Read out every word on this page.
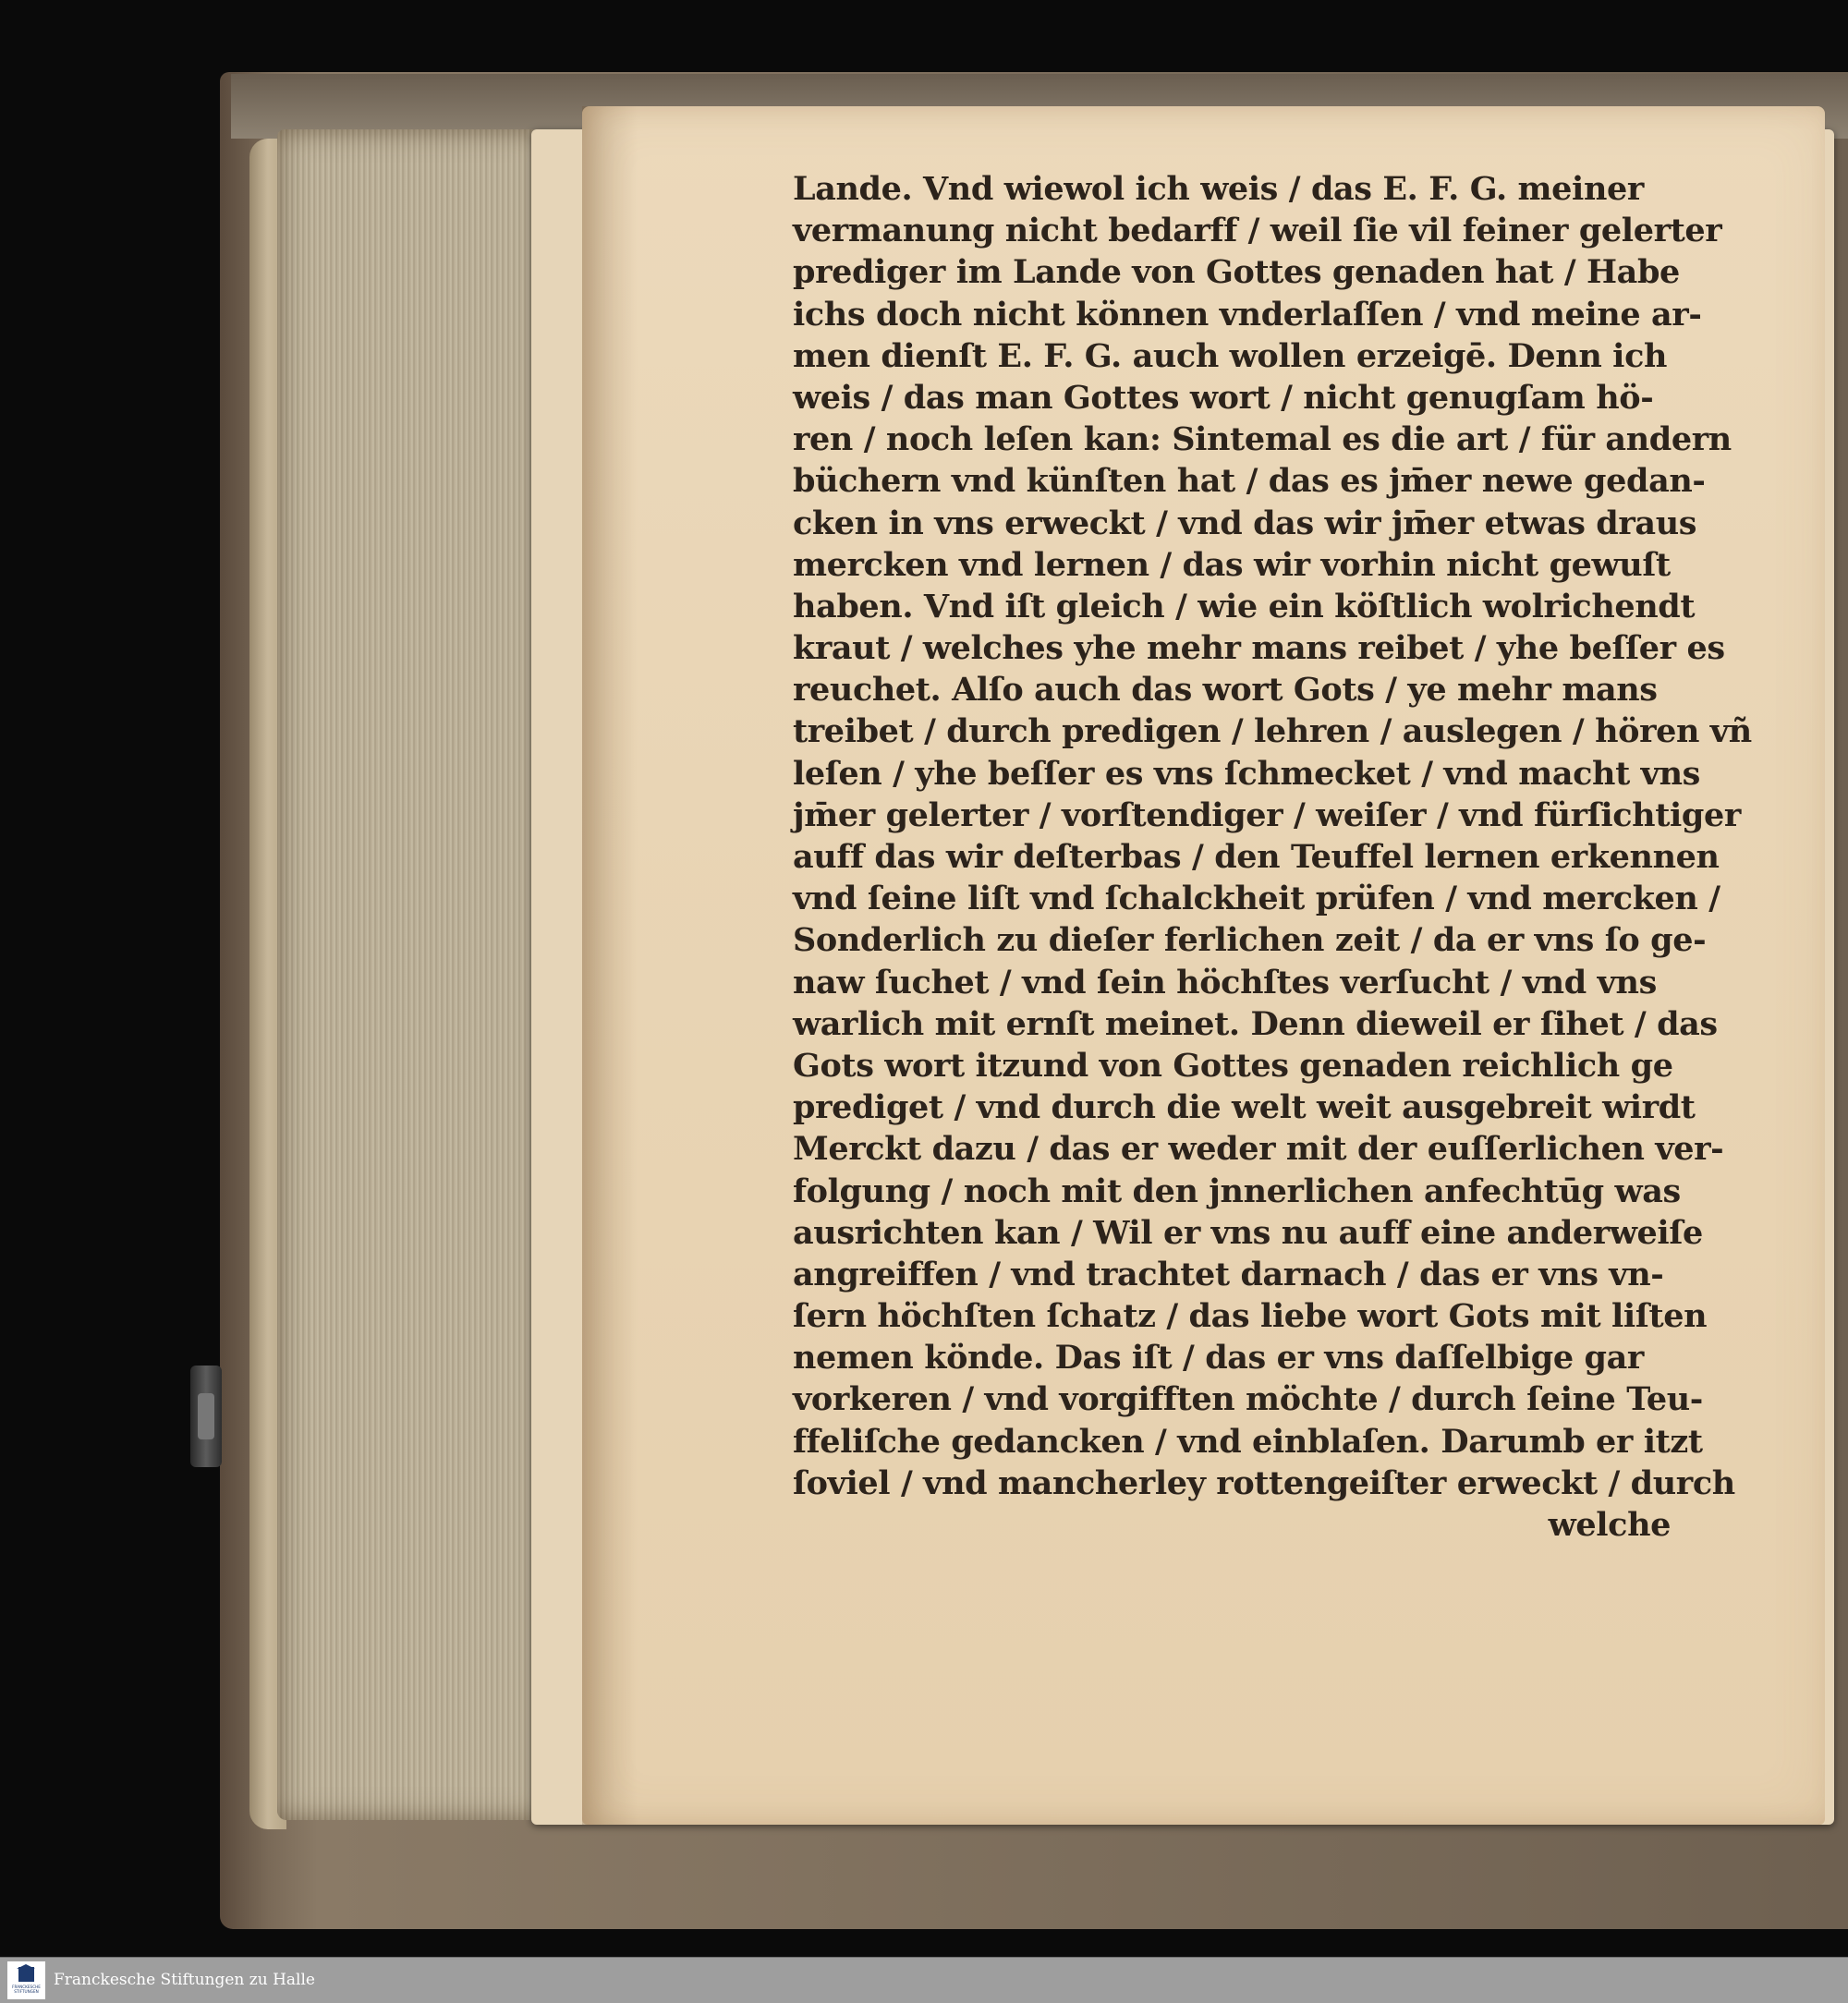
Lande. Vnd wiewol ich weis / das E. F. G. meiner
vermanung nicht bedarff / weil ſie vil feiner gelerter
prediger im Lande von Gottes genaden hat / Habe
ichs doch nicht können vnderlaſſen / vnd meine ar-
men dienſt E. F. G. auch wollen erzeigē. Denn ich
weis / das man Gottes wort / nicht genugſam hö-
ren / noch leſen kan: Sintemal es die art / für andern
büchern vnd künſten hat / das es jm̄er newe gedan-
cken in vns erweckt / vnd das wir jm̄er etwas draus
mercken vnd lernen / das wir vorhin nicht gewuſt
haben. Vnd iſt gleich / wie ein köſtlich wolrichendt
kraut / welches yhe mehr mans reibet / yhe beſſer es
reuchet. Alſo auch das wort Gots / ye mehr mans
treibet / durch predigen / lehren / auslegen / hören vñ
leſen / yhe beſſer es vns ſchmecket / vnd macht vns
jm̄er gelerter / vorſtendiger / weiſer / vnd fürſichtiger
auff das wir deſterbas / den Teuffel lernen erkennen
vnd ſeine liſt vnd ſchalckheit prüfen / vnd mercken /
Sonderlich zu dieſer ferlichen zeit / da er vns ſo ge-
naw ſuchet / vnd ſein höchſtes verſucht / vnd vns
warlich mit ernſt meinet. Denn dieweil er ſihet / das
Gots wort itzund von Gottes genaden reichlich ge
prediget / vnd durch die welt weit ausgebreit wirdt
Merckt dazu / das er weder mit der euſſerlichen ver-
folgung / noch mit den jnnerlichen anfechtūg was
ausrichten kan / Wil er vns nu auff eine anderweiſe
angreiffen / vnd trachtet darnach / das er vns vn-
ſern höchſten ſchatz / das liebe wort Gots mit liſten
nemen könde. Das iſt / das er vns daſſelbige gar
vorkeren / vnd vorgifften möchte / durch ſeine Teu-
ffeliſche gedancken / vnd einblaſen. Darumb er itzt
ſoviel / vnd mancherley rottengeiſter erweckt / durch
welche
FRANCKESCHE STIFTUNGEN
Franckesche Stiftungen zu Halle
